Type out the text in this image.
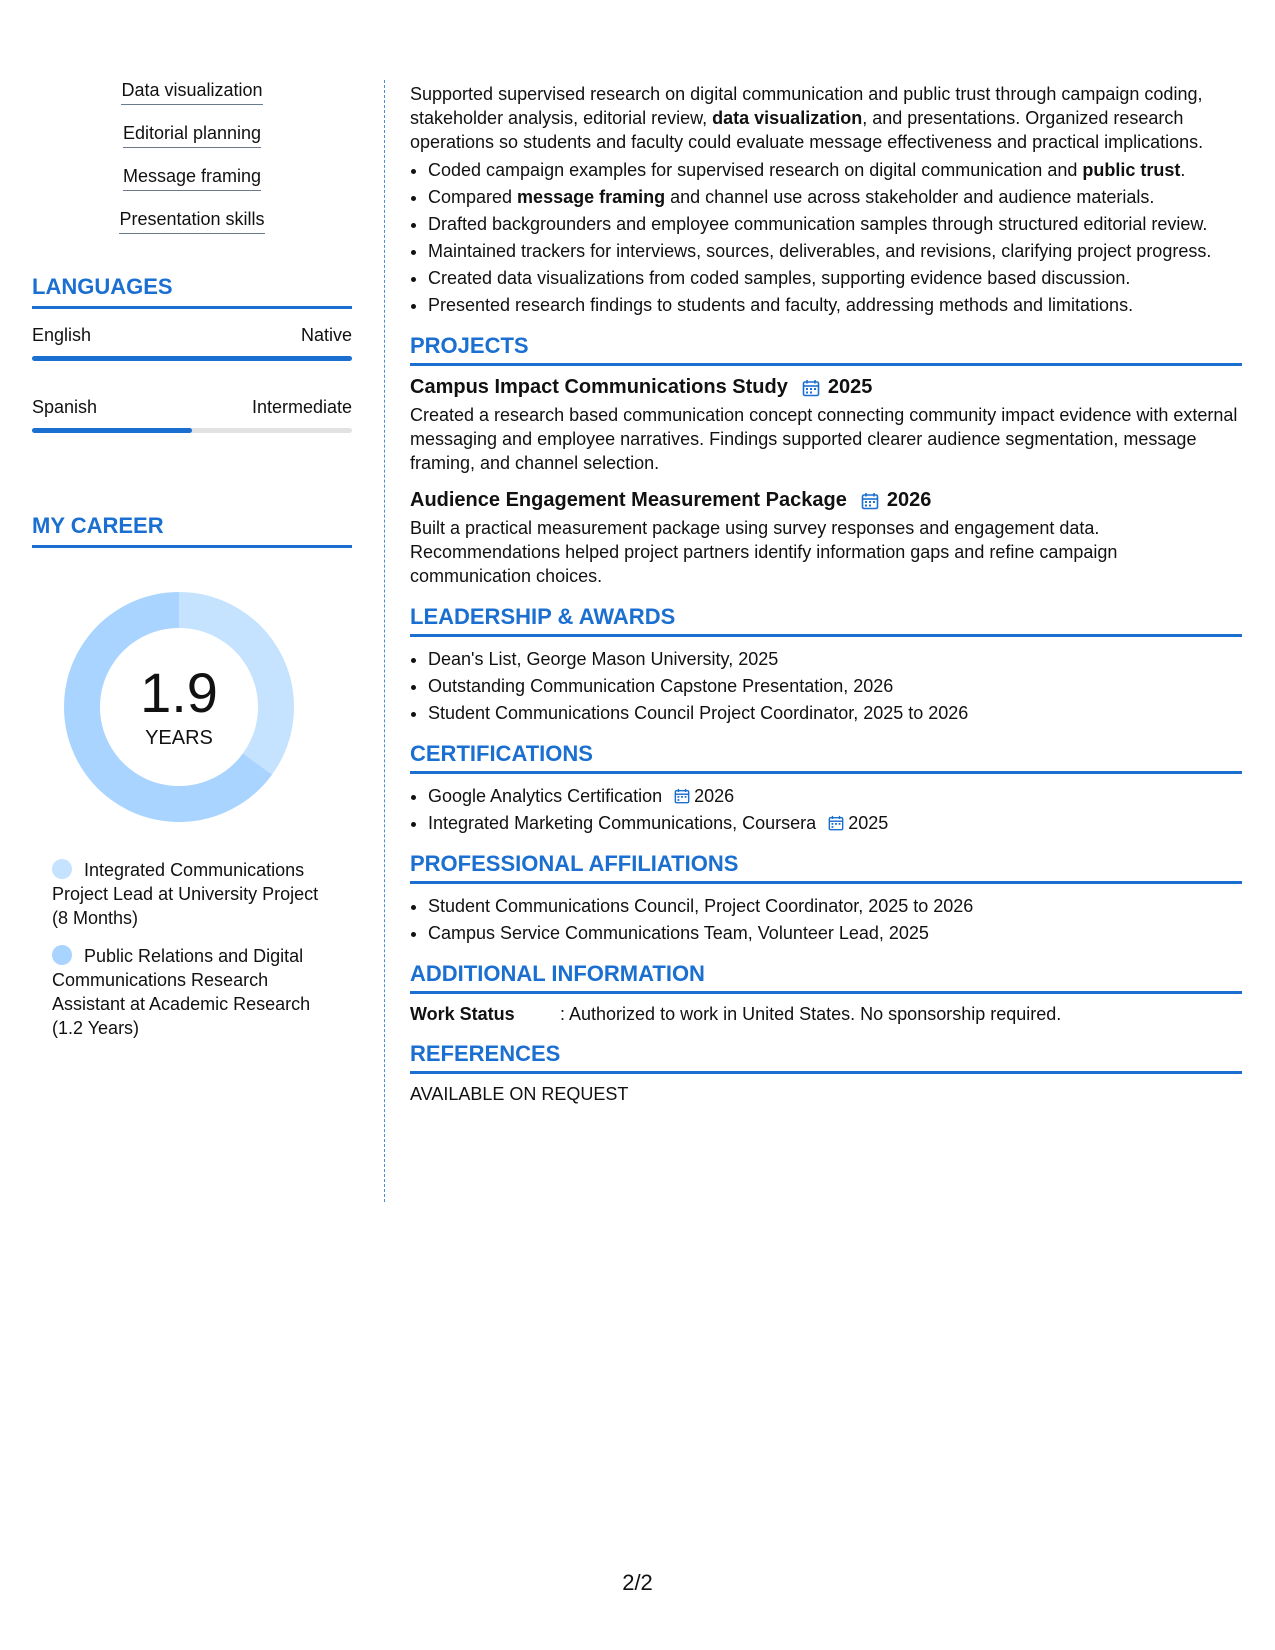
Data visualization
Editorial planning
Message framing
Presentation skills
LANGUAGES
English	Native
Spanish	Intermediate
MY CAREER
1.9
YEARS
Integrated Communications Project Lead at University Project (8 Months)
Public Relations and Digital Communications Research Assistant at Academic Research (1.2 Years)

Supported supervised research on digital communication and public trust through campaign coding, stakeholder analysis, editorial review, data visualization, and presentations. Organized research operations so students and faculty could evaluate message effectiveness and practical implications.

• Coded campaign examples for supervised research on digital communication and public trust.
• Compared message framing and channel use across stakeholder and audience materials.
• Drafted backgrounders and employee communication samples through structured editorial review.
• Maintained trackers for interviews, sources, deliverables, and revisions, clarifying project progress.
• Created data visualizations from coded samples, supporting evidence based discussion.
• Presented research findings to students and faculty, addressing methods and limitations.
PROJECTS
Campus Impact Communications Study 2025

Created a research based communication concept connecting community impact evidence with external messaging and employee narratives. Findings supported clearer audience segmentation, message framing, and channel selection.

Audience Engagement Measurement Package 2026

Built a practical measurement package using survey responses and engagement data. Recommendations helped project partners identify information gaps and refine campaign communication choices.

LEADERSHIP & AWARDS
• Dean's List, George Mason University, 2025
• Outstanding Communication Capstone Presentation, 2026
• Student Communications Council Project Coordinator, 2025 to 2026
CERTIFICATIONS
• Google Analytics Certification 2026
• Integrated Marketing Communications, Coursera 2025
PROFESSIONAL AFFILIATIONS
• Student Communications Council, Project Coordinator, 2025 to 2026
• Campus Service Communications Team, Volunteer Lead, 2025
ADDITIONAL INFORMATION
Work Status	: Authorized to work in United States. No sponsorship required.
REFERENCES
AVAILABLE ON REQUEST
2/2
